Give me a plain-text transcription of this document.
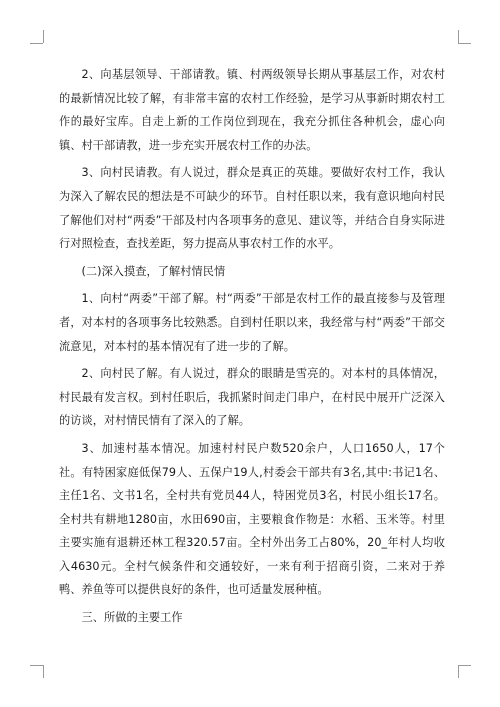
2、向基层领导、干部请教。镇、村两级领导长期从事基层工作，对农村的最新情况比较了解，有非常丰富的农村工作经验，是学习从事新时期农村工作的最好宝库。自走上新的工作岗位到现在，我充分抓住各种机会，虚心向镇、村干部请教，进一步充实开展农村工作的办法。

3、向村民请教。有人说过，群众是真正的英雄。要做好农村工作，我认为深入了解农民的想法是不可缺少的环节。自村任职以来，我有意识地向村民了解他们对村“两委”干部及村内各项事务的意见、建议等，并结合自身实际进行对照检查，查找差距，努力提高从事农村工作的水平。

(二)深入摸查，了解村情民情

1、向村“两委”干部了解。村“两委”干部是农村工作的最直接参与及管理者，对本村的各项事务比较熟悉。自到村任职以来，我经常与村“两委”干部交流意见，对本村的基本情况有了进一步的了解。

2、向村民了解。有人说过，群众的眼睛是雪亮的。对本村的具体情况，村民最有发言权。到村任职后，我抓紧时间走门串户，在村民中展开广泛深入的访谈，对村情民情有了深入的了解。

3、加速村基本情况。加速村村民户数520余户，人口1650人，17个社。有特困家庭低保79人、五保户19人,村委会干部共有3名,其中:书记1名、主任1名、文书1名，全村共有党员44人，特困党员3名，村民小组长17名。全村共有耕地1280亩，水田690亩，主要粮食作物是：水稻、玉米等。村里主要实施有退耕还林工程320.57亩。全村外出务工占80%，20_年村人均收入4630元。全村气候条件和交通较好，一来有利于招商引资，二来对于养鸭、养鱼等可以提供良好的条件，也可适量发展种植。

三、所做的主要工作
